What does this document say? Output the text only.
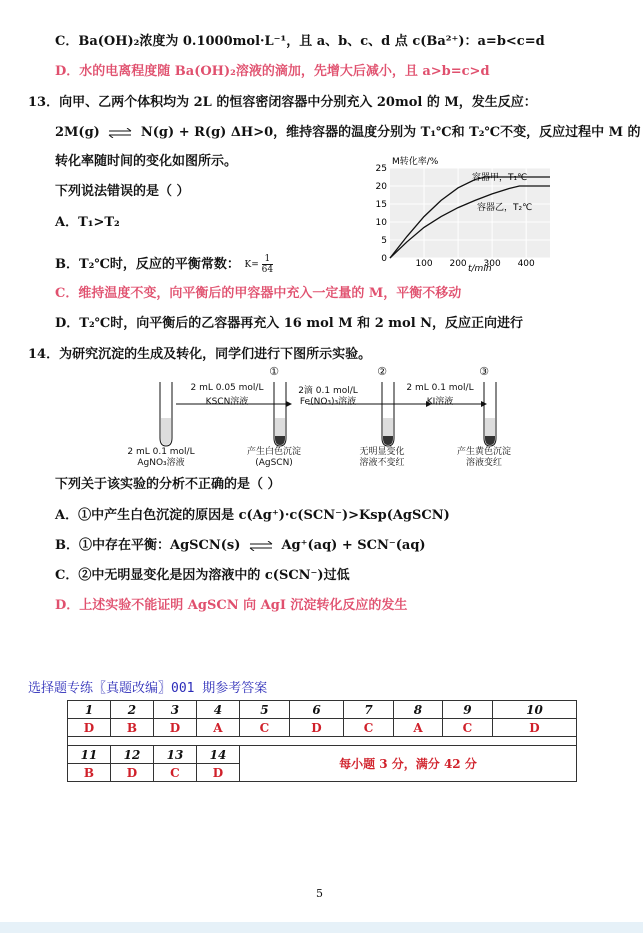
C．Ba(OH)₂浓度为 0.1000mol·L⁻¹，且 a、b、c、d 点 c(Ba²⁺)：a=b<c=d
D．水的电离程度随 Ba(OH)₂溶液的滴加，先增大后减小，且 a>b=c>d
13．向甲、乙两个体积均为 2L 的恒容密闭容器中分别充入 20mol 的 M，发生反应：
2M(g) ⇌ N(g) + R(g) ΔH>0，维持容器的温度分别为 T₁℃和 T₂℃不变，反应过程中 M 的
转化率随时间的变化如图所示。
下列说法错误的是（ ）
A．T₁>T₂
B．T₂℃时，反应的平衡常数： $K= \frac{1}{64}$
C．维持温度不变，向平衡后的甲容器中充入一定量的 M，平衡不移动
D．T₂℃时，向平衡后的乙容器再充入 16 mol M 和 2 mol N，反应正向进行
0
5
10
15
20
25
100 200 300 400
M转化率/%
t/min
容器甲，T₁℃
容器乙，T₂℃
14．为研究沉淀的生成及转化，同学们进行下图所示实验。
2 mL 0.05 mol/L
KSCN溶液
2滴 0.1 mol/L
Fe(NO₃)₃溶液
2 mL 0.1 mol/L
KI溶液
2 mL 0.1 mol/L
AgNO₃溶液
①
产生白色沉淀
(AgSCN)
②
无明显变化
溶液不变红
③
产生黄色沉淀
溶液变红
下列关于该实验的分析不正确的是（ ）
A．①中产生白色沉淀的原因是 c(Ag⁺)·c(SCN⁻)>Ksp(AgSCN)
B．①中存在平衡：AgSCN(s) ⇌ Ag⁺(aq) + SCN⁻(aq)
C．②中无明显变化是因为溶液中的 c(SCN⁻)过低
D．上述实验不能证明 AgSCN 向 AgI 沉淀转化反应的发生
选择题专练〖真题改编〗001 期参考答案
1	2	3	4	5	6	7	8	9	10
D	B	D	A	C	D	C	A	C	D

11	12	13	14	每小题 3 分，满分 42 分					
B	D	C	D						
5
